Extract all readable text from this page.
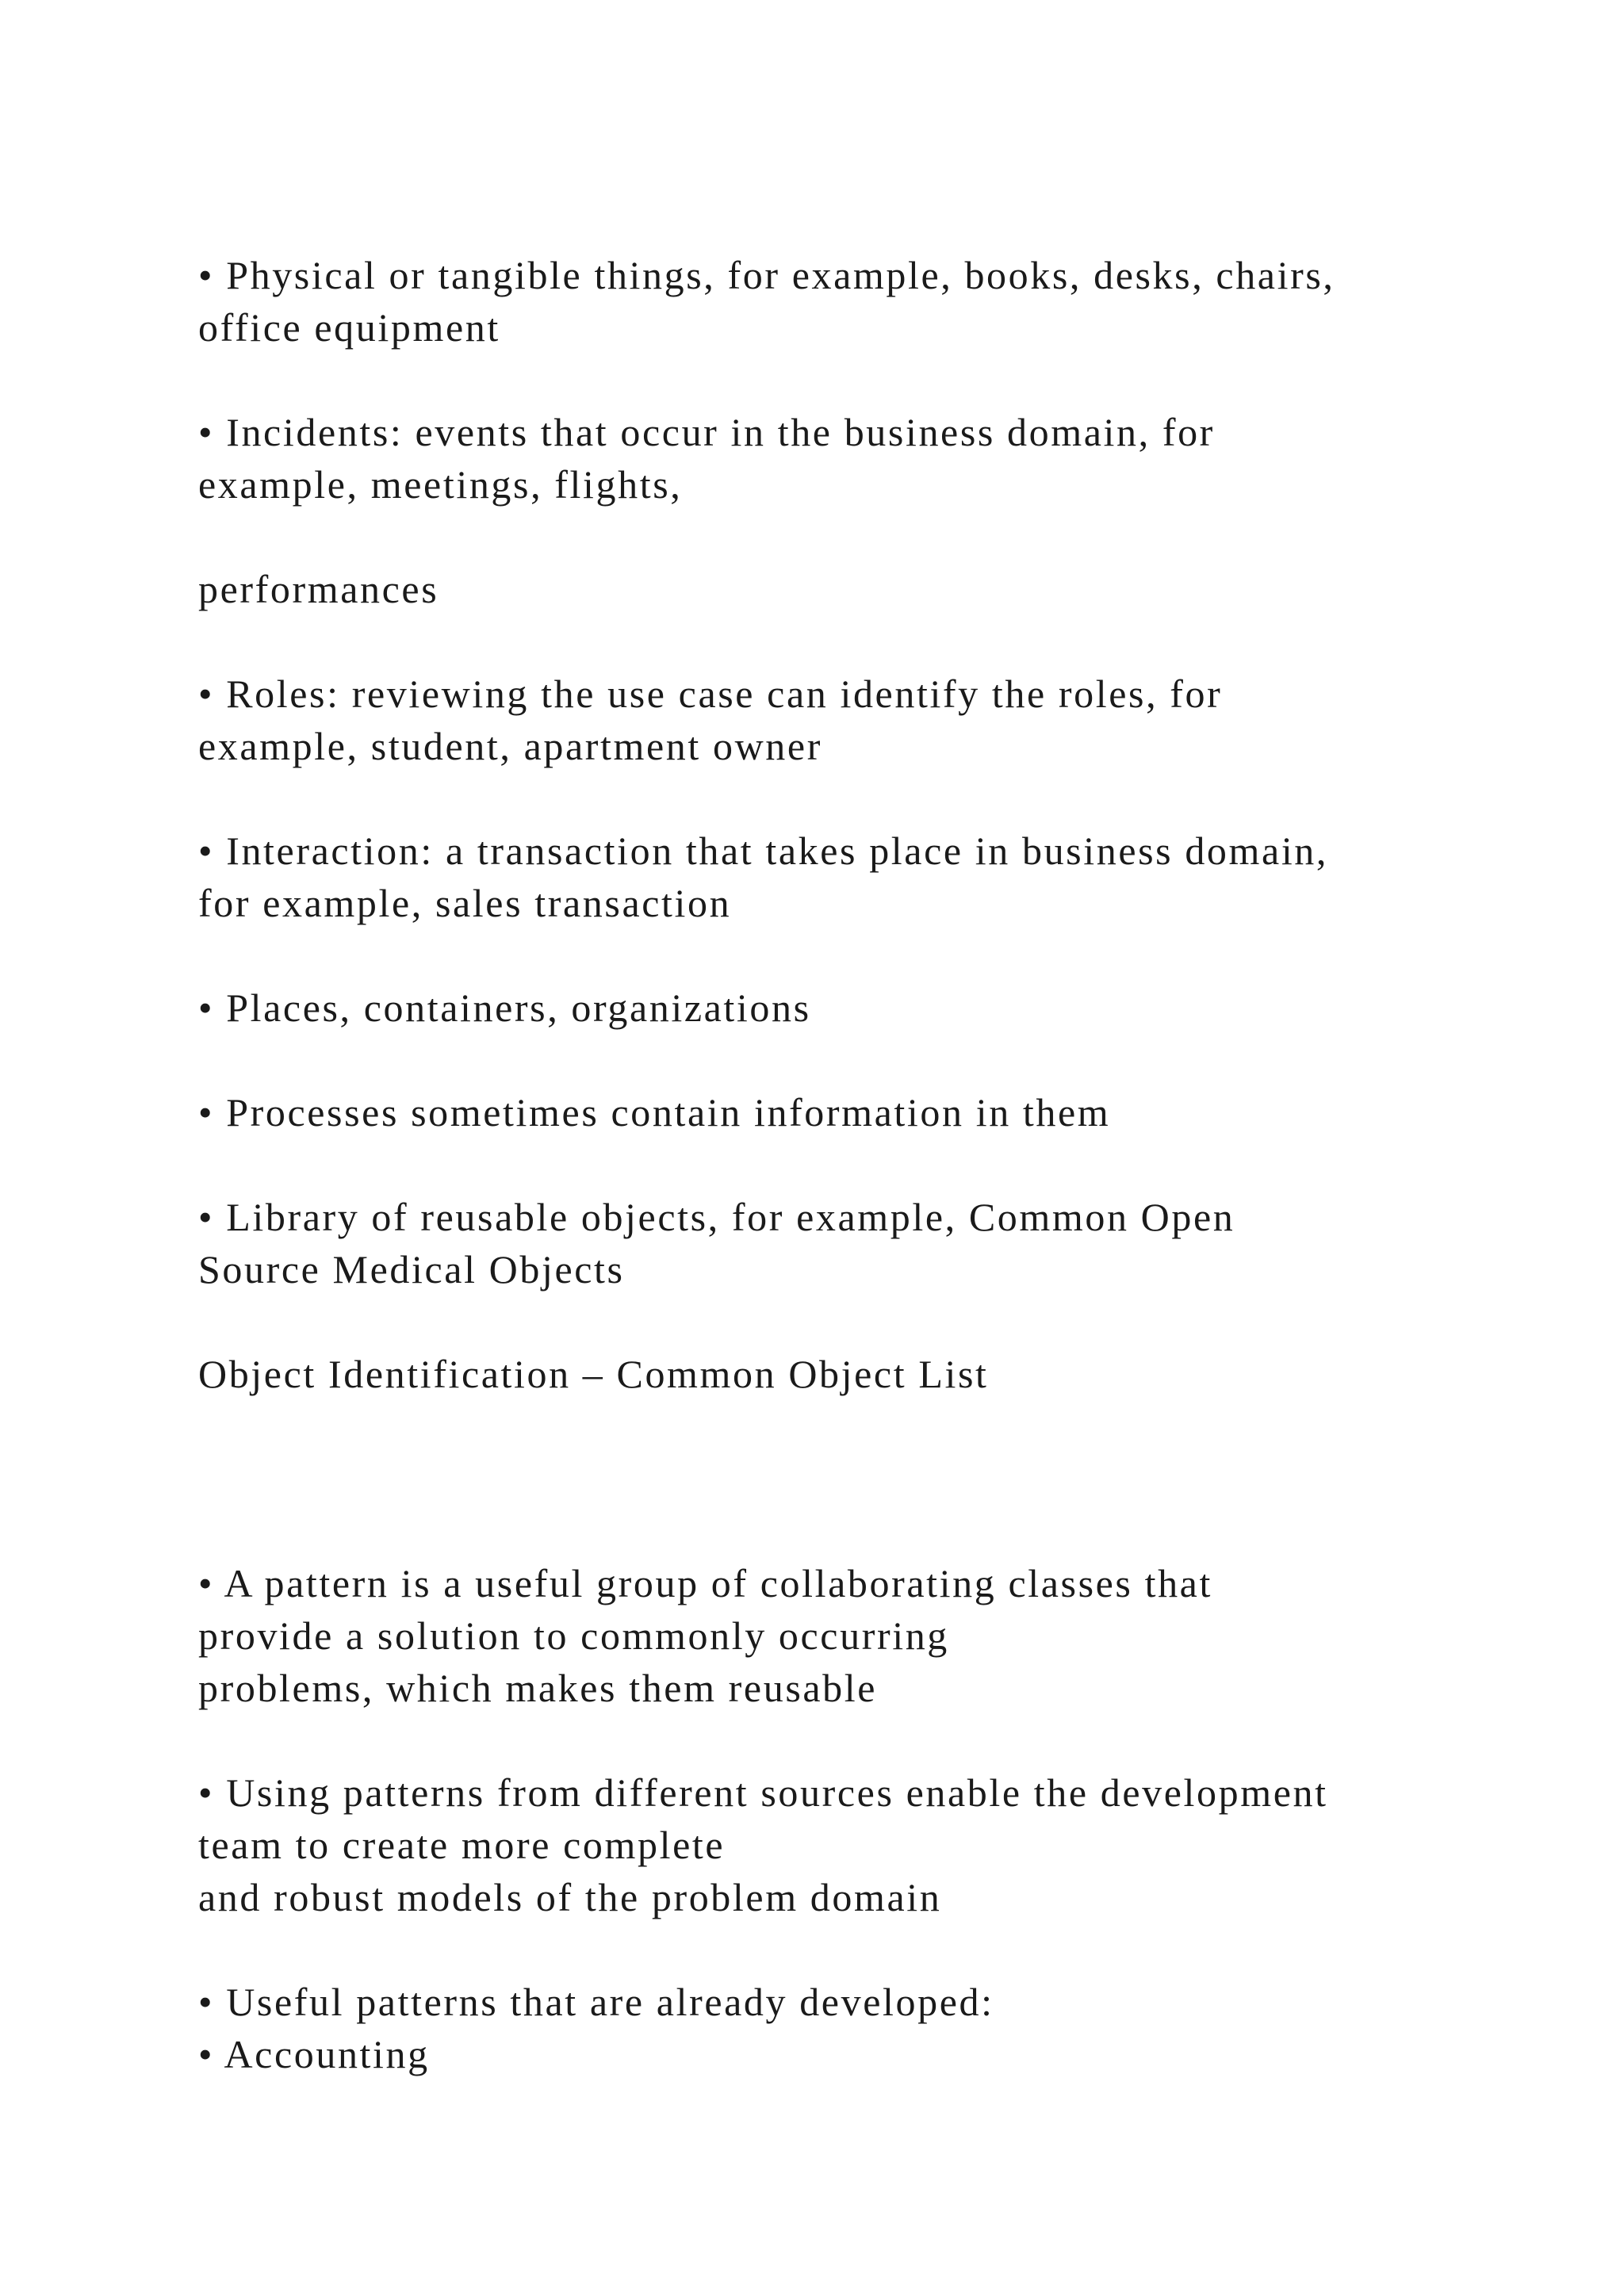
• Physical or tangible things, for example, books, desks, chairs,

office equipment

• Incidents: events that occur in the business domain, for

example, meetings, flights,

performances

• Roles: reviewing the use case can identify the roles, for

example, student, apartment owner

• Interaction: a transaction that takes place in business domain,

for example, sales transaction

• Places, containers, organizations

• Processes sometimes contain information in them

• Library of reusable objects, for example, Common Open

Source Medical Objects

Object Identification – Common Object List

• A pattern is a useful group of collaborating classes that

provide a solution to commonly occurring

problems, which makes them reusable

• Using patterns from different sources enable the development

team to create more complete

and robust models of the problem domain

• Useful patterns that are already developed:

• Accounting
